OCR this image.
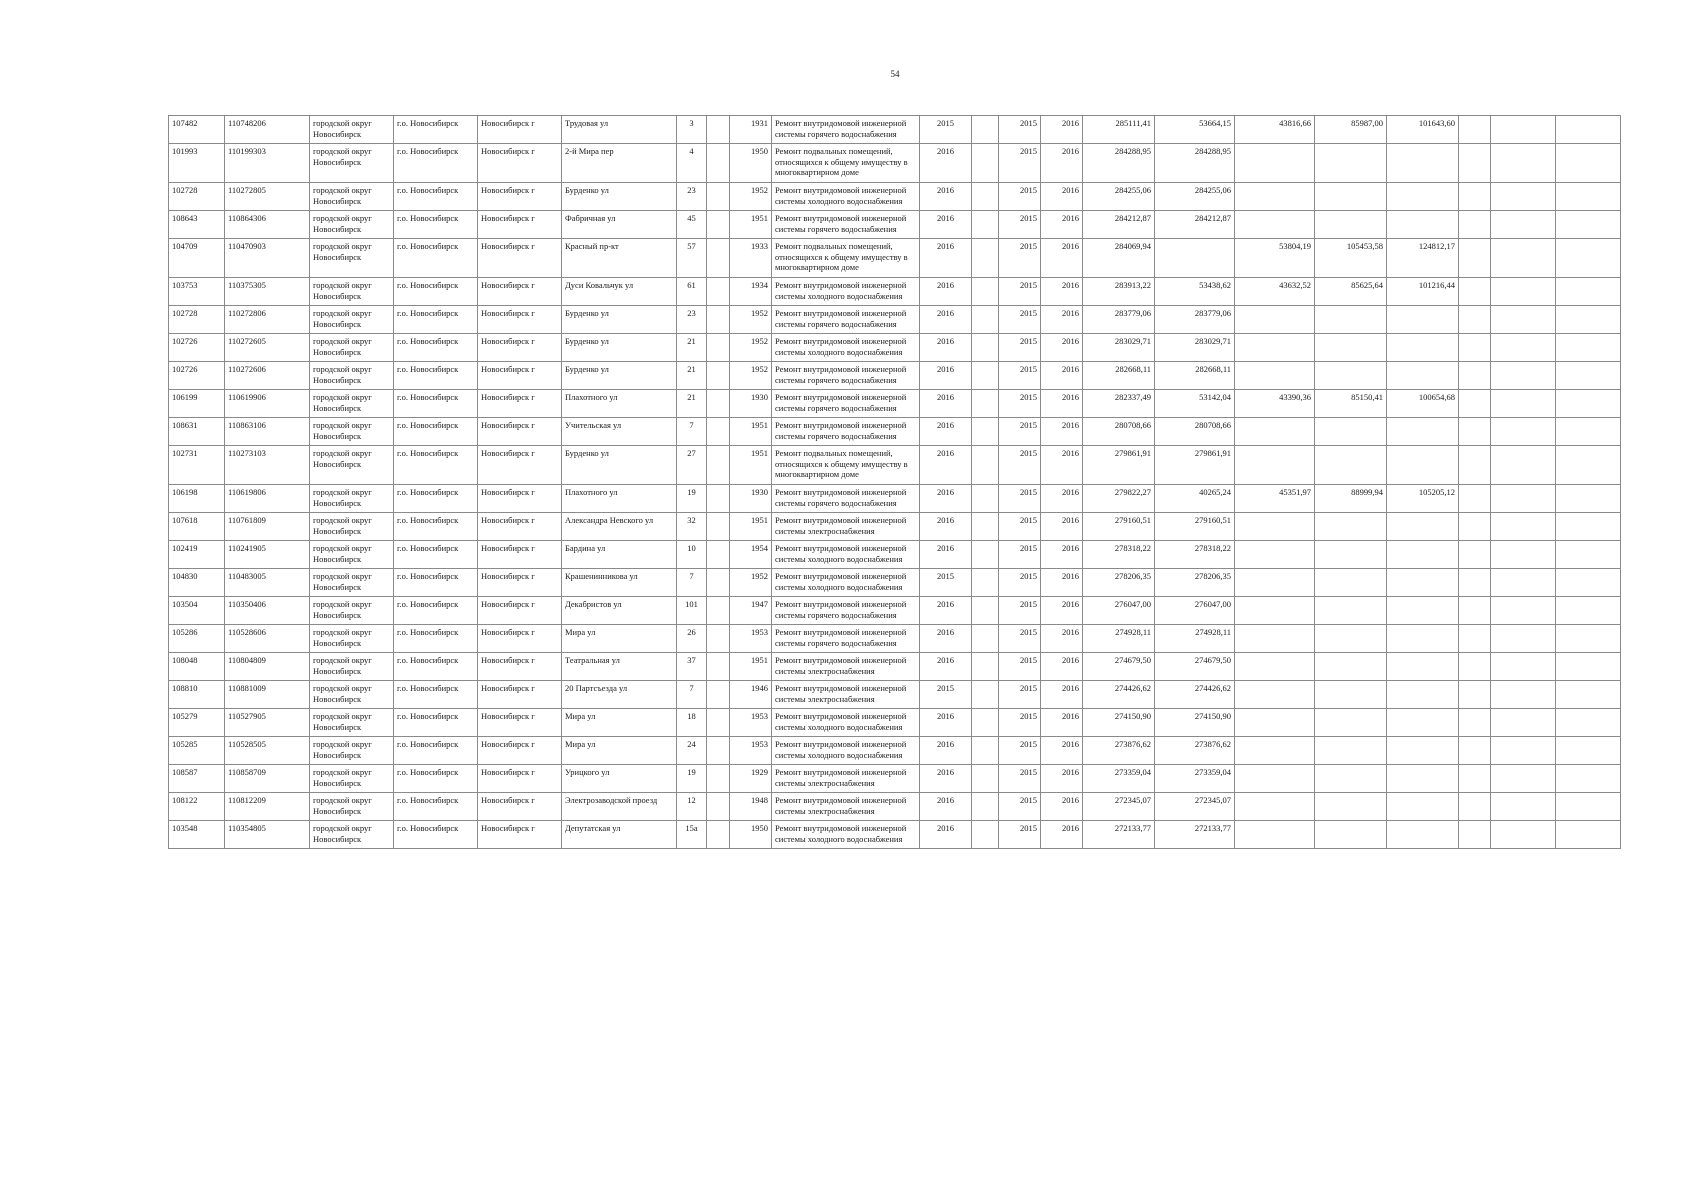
54
107482	110748206	городской округ Новосибирск	г.о. Новосибирск	Новосибирск г	Трудовая ул	3		1931	Ремонт внутридомовой инженерной системы горячего водоснабжения	2015		2015	2016	285111,41	53664,15	43816,66	85987,00	101643,60			
101993	110199303	городской округ Новосибирск	г.о. Новосибирск	Новосибирск г	2-й Мира пер	4		1950	Ремонт подвальных помещений, относящихся к общему имуществу в многоквартирном доме	2016		2015	2016	284288,95	284288,95						
102728	110272805	городской округ Новосибирск	г.о. Новосибирск	Новосибирск г	Бурденко ул	23		1952	Ремонт внутридомовой инженерной системы холодного водоснабжения	2016		2015	2016	284255,06	284255,06						
108643	110864306	городской округ Новосибирск	г.о. Новосибирск	Новосибирск г	Фабричная ул	45		1951	Ремонт внутридомовой инженерной системы горячего водоснабжения	2016		2015	2016	284212,87	284212,87						
104709	110470903	городской округ Новосибирск	г.о. Новосибирск	Новосибирск г	Красный пр-кт	57		1933	Ремонт подвальных помещений, относящихся к общему имуществу в многоквартирном доме	2016		2015	2016	284069,94		53804,19	105453,58	124812,17			
103753	110375305	городской округ Новосибирск	г.о. Новосибирск	Новосибирск г	Дуси Ковальчук ул	61		1934	Ремонт внутридомовой инженерной системы холодного водоснабжения	2016		2015	2016	283913,22	53438,62	43632,52	85625,64	101216,44			
102728	110272806	городской округ Новосибирск	г.о. Новосибирск	Новосибирск г	Бурденко ул	23		1952	Ремонт внутридомовой инженерной системы горячего водоснабжения	2016		2015	2016	283779,06	283779,06						
102726	110272605	городской округ Новосибирск	г.о. Новосибирск	Новосибирск г	Бурденко ул	21		1952	Ремонт внутридомовой инженерной системы холодного водоснабжения	2016		2015	2016	283029,71	283029,71						
102726	110272606	городской округ Новосибирск	г.о. Новосибирск	Новосибирск г	Бурденко ул	21		1952	Ремонт внутридомовой инженерной системы горячего водоснабжения	2016		2015	2016	282668,11	282668,11						
106199	110619906	городской округ Новосибирск	г.о. Новосибирск	Новосибирск г	Плахотного ул	21		1930	Ремонт внутридомовой инженерной системы горячего водоснабжения	2016		2015	2016	282337,49	53142,04	43390,36	85150,41	100654,68			
108631	110863106	городской округ Новосибирск	г.о. Новосибирск	Новосибирск г	Учительская ул	7		1951	Ремонт внутридомовой инженерной системы горячего водоснабжения	2016		2015	2016	280708,66	280708,66						
102731	110273103	городской округ Новосибирск	г.о. Новосибирск	Новосибирск г	Бурденко ул	27		1951	Ремонт подвальных помещений, относящихся к общему имуществу в многоквартирном доме	2016		2015	2016	279861,91	279861,91						
106198	110619806	городской округ Новосибирск	г.о. Новосибирск	Новосибирск г	Плахотного ул	19		1930	Ремонт внутридомовой инженерной системы горячего водоснабжения	2016		2015	2016	279822,27	40265,24	45351,97	88999,94	105205,12			
107618	110761809	городской округ Новосибирск	г.о. Новосибирск	Новосибирск г	Александра Невского ул	32		1951	Ремонт внутридомовой инженерной системы электроснабжения	2016		2015	2016	279160,51	279160,51						
102419	110241905	городской округ Новосибирск	г.о. Новосибирск	Новосибирск г	Бардина ул	10		1954	Ремонт внутридомовой инженерной системы холодного водоснабжения	2016		2015	2016	278318,22	278318,22						
104830	110483005	городской округ Новосибирск	г.о. Новосибирск	Новосибирск г	Крашенинникова ул	7		1952	Ремонт внутридомовой инженерной системы холодного водоснабжения	2015		2015	2016	278206,35	278206,35						
103504	110350406	городской округ Новосибирск	г.о. Новосибирск	Новосибирск г	Декабристов ул	101		1947	Ремонт внутридомовой инженерной системы горячего водоснабжения	2016		2015	2016	276047,00	276047,00						
105286	110528606	городской округ Новосибирск	г.о. Новосибирск	Новосибирск г	Мира ул	26		1953	Ремонт внутридомовой инженерной системы горячего водоснабжения	2016		2015	2016	274928,11	274928,11						
108048	110804809	городской округ Новосибирск	г.о. Новосибирск	Новосибирск г	Театральная ул	37		1951	Ремонт внутридомовой инженерной системы электроснабжения	2016		2015	2016	274679,50	274679,50						
108810	110881009	городской округ Новосибирск	г.о. Новосибирск	Новосибирск г	20 Партсъезда ул	7		1946	Ремонт внутридомовой инженерной системы электроснабжения	2015		2015	2016	274426,62	274426,62						
105279	110527905	городской округ Новосибирск	г.о. Новосибирск	Новосибирск г	Мира ул	18		1953	Ремонт внутридомовой инженерной системы холодного водоснабжения	2016		2015	2016	274150,90	274150,90						
105285	110528505	городской округ Новосибирск	г.о. Новосибирск	Новосибирск г	Мира ул	24		1953	Ремонт внутридомовой инженерной системы холодного водоснабжения	2016		2015	2016	273876,62	273876,62						
108587	110858709	городской округ Новосибирск	г.о. Новосибирск	Новосибирск г	Урицкого ул	19		1929	Ремонт внутридомовой инженерной системы электроснабжения	2016		2015	2016	273359,04	273359,04						
108122	110812209	городской округ Новосибирск	г.о. Новосибирск	Новосибирск г	Электрозаводской проезд	12		1948	Ремонт внутридомовой инженерной системы электроснабжения	2016		2015	2016	272345,07	272345,07						
103548	110354805	городской округ Новосибирск	г.о. Новосибирск	Новосибирск г	Депутатская ул	15а		1950	Ремонт внутридомовой инженерной системы холодного водоснабжения	2016		2015	2016	272133,77	272133,77						
